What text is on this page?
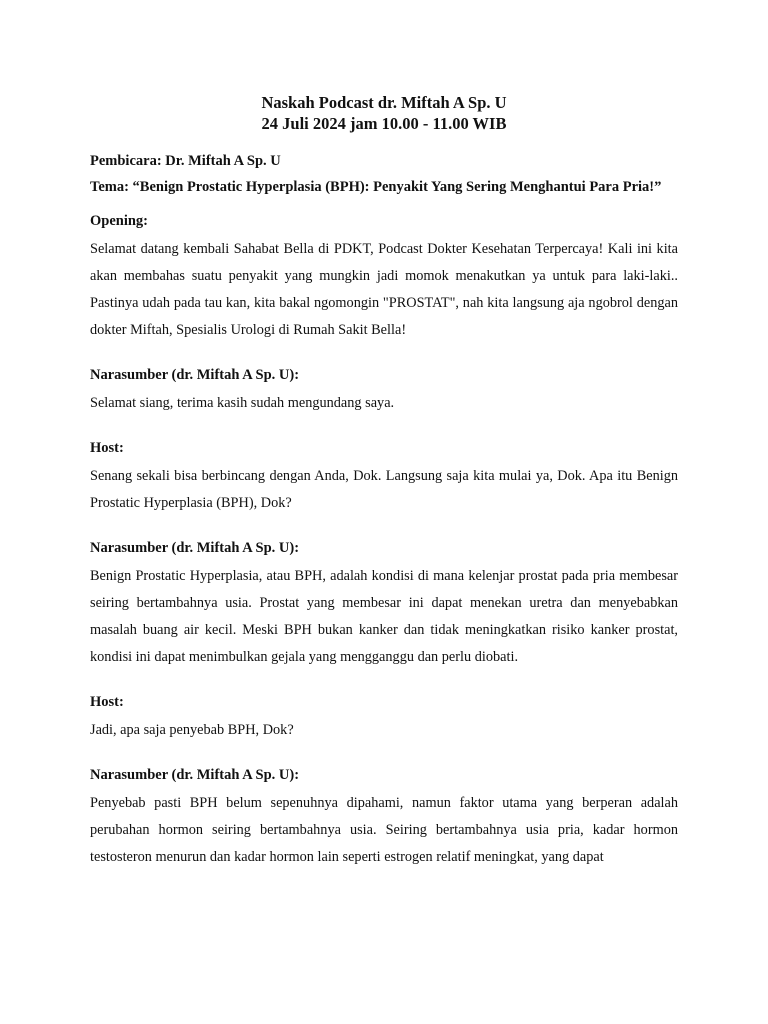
Naskah Podcast dr. Miftah A Sp. U
24 Juli 2024 jam 10.00 - 11.00 WIB

Pembicara: Dr. Miftah A Sp. U

Tema: “Benign Prostatic Hyperplasia (BPH): Penyakit Yang Sering Menghantui Para Pria!”

Opening:

Selamat datang kembali Sahabat Bella di PDKT, Podcast Dokter Kesehatan Terpercaya! Kali ini kita akan membahas suatu penyakit yang mungkin jadi momok menakutkan ya untuk para laki-laki.. Pastinya udah pada tau kan, kita bakal ngomongin "PROSTAT", nah kita langsung aja ngobrol dengan dokter Miftah, Spesialis Urologi di Rumah Sakit Bella!

Narasumber (dr. Miftah A Sp. U):

Selamat siang, terima kasih sudah mengundang saya.

Host:

Senang sekali bisa berbincang dengan Anda, Dok. Langsung saja kita mulai ya, Dok. Apa itu Benign Prostatic Hyperplasia (BPH), Dok?

Narasumber (dr. Miftah A Sp. U):

Benign Prostatic Hyperplasia, atau BPH, adalah kondisi di mana kelenjar prostat pada pria membesar seiring bertambahnya usia. Prostat yang membesar ini dapat menekan uretra dan menyebabkan masalah buang air kecil. Meski BPH bukan kanker dan tidak meningkatkan risiko kanker prostat, kondisi ini dapat menimbulkan gejala yang mengganggu dan perlu diobati.

Host:

Jadi, apa saja penyebab BPH, Dok?

Narasumber (dr. Miftah A Sp. U):

Penyebab pasti BPH belum sepenuhnya dipahami, namun faktor utama yang berperan adalah perubahan hormon seiring bertambahnya usia. Seiring bertambahnya usia pria, kadar hormon testosteron menurun dan kadar hormon lain seperti estrogen relatif meningkat, yang dapat
